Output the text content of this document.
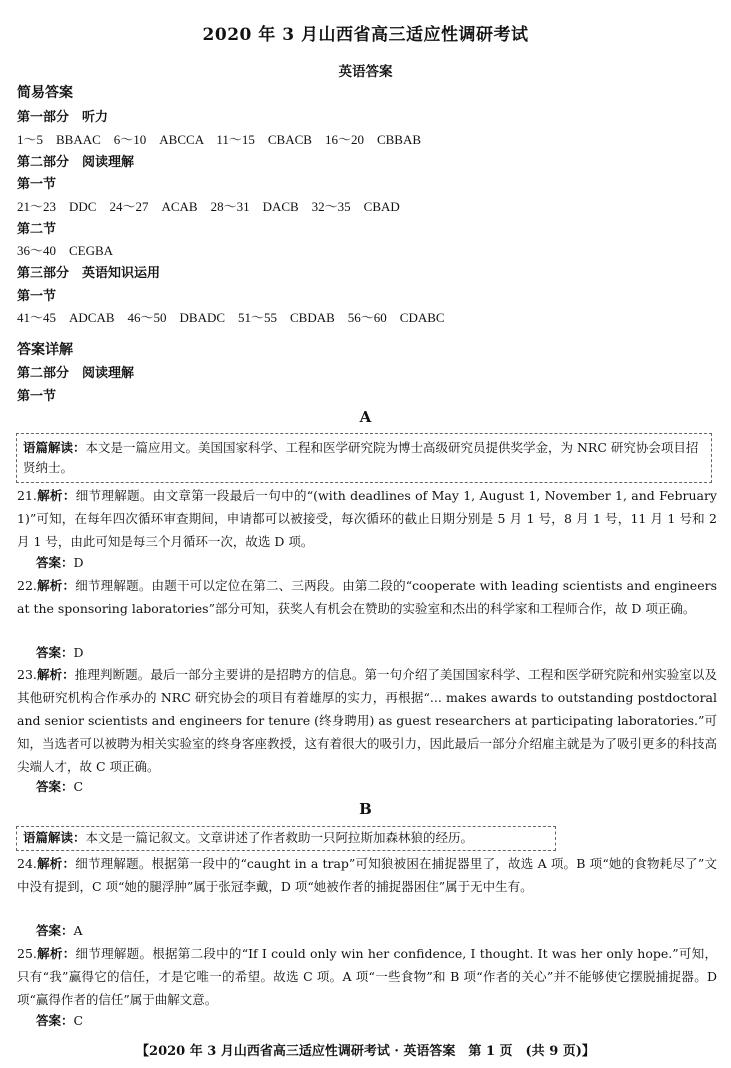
2020 年 3 月山西省高三适应性调研考试
英语答案
简易答案
第一部分　听力
1～5　BBAAC　6～10　ABCCA　11～15　CBACB　16～20　CBBAB
第二部分　阅读理解
第一节
21～23　DDC　24～27　ACAB　28～31　DACB　32～35　CBAD
第二节
36～40　CEGBA
第三部分　英语知识运用
第一节
41～45　ADCAB　46～50　DBADC　51～55　CBDAB　56～60　CDABC
答案详解
第二部分　阅读理解
第一节
A
语篇解读：本文是一篇应用文。美国国家科学、工程和医学研究院为博士高级研究员提供奖学金，为 NRC 研究协会项目招贤纳士。
21.解析：细节理解题。由文章第一段最后一句中的“(with deadlines of May 1, August 1, November 1, and February 1)”可知，在每年四次循环审查期间，申请都可以被接受，每次循环的截止日期分别是 5 月 1 号，8 月 1 号，11 月 1 号和 2 月 1 号，由此可知是每三个月循环一次，故选 D 项。
答案：D
22.解析：细节理解题。由题干可以定位在第二、三两段。由第二段的“cooperate with leading scientists and engineers at the sponsoring laboratories”部分可知，获奖人有机会在赞助的实验室和杰出的科学家和工程师合作，故 D 项正确。
答案：D
23.解析：推理判断题。最后一部分主要讲的是招聘方的信息。第一句介绍了美国国家科学、工程和医学研究院和州实验室以及其他研究机构合作承办的 NRC 研究协会的项目有着雄厚的实力，再根据“... makes awards to outstanding postdoctoral and senior scientists and engineers for tenure (终身聘用) as guest researchers at participating laboratories.”可知，当选者可以被聘为相关实验室的终身客座教授，这有着很大的吸引力，因此最后一部分介绍雇主就是为了吸引更多的科技高尖端人才，故 C 项正确。
答案：C
B
语篇解读：本文是一篇记叙文。文章讲述了作者救助一只阿拉斯加森林狼的经历。
24.解析：细节理解题。根据第一段中的“caught in a trap”可知狼被困在捕捉器里了，故选 A 项。B 项“她的食物耗尽了”文中没有提到，C 项“她的腿浮肿”属于张冠李戴，D 项“她被作者的捕捉器困住”属于无中生有。
答案：A
25.解析：细节理解题。根据第二段中的“If I could only win her confidence, I thought. It was her only hope.”可知，只有“我”赢得它的信任，才是它唯一的希望。故选 C 项。A 项“一些食物”和 B 项“作者的关心”并不能够使它摆脱捕捉器。D 项“赢得作者的信任”属于曲解文意。
答案：C
【2020 年 3 月山西省高三适应性调研考试 · 英语答案　第 1 页　(共 9 页)】
